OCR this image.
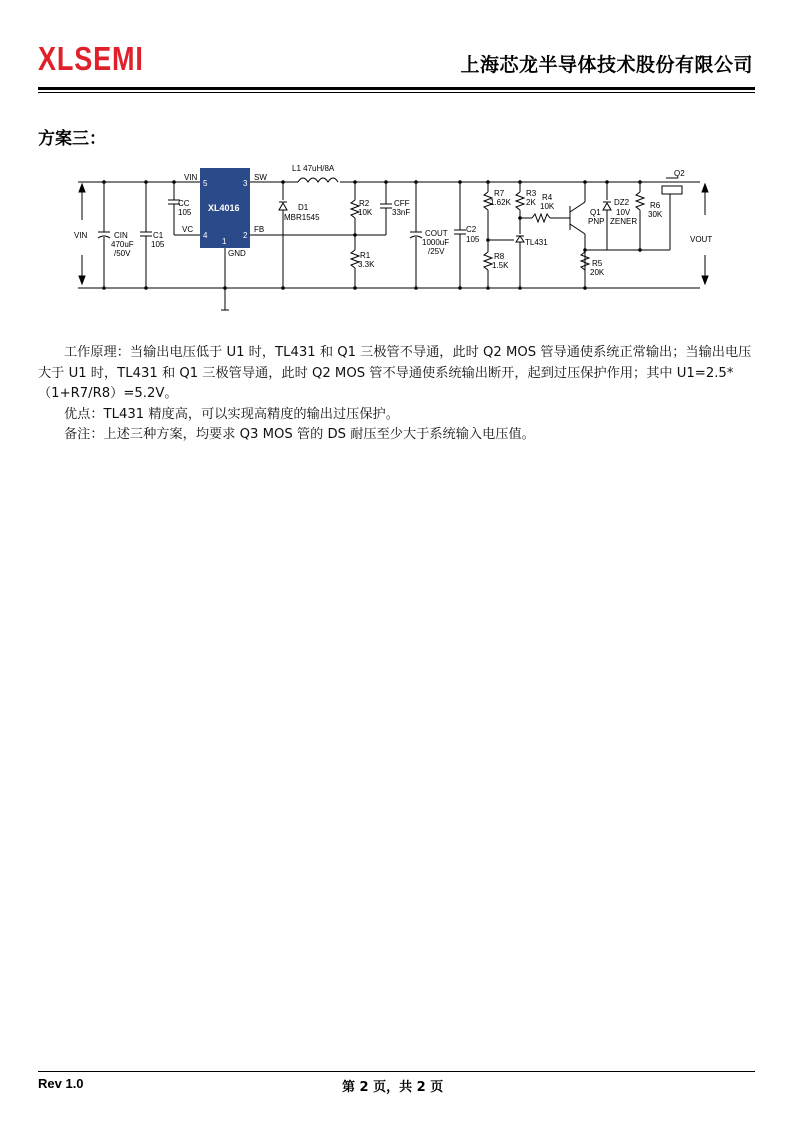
XLSEMI	上海芯龙半导体技术股份有限公司
方案三：
XL4016
5	3
4	2
1
VIN	SW
VC	FB
GND
VIN	VOUT
L1 47uH/8A
CIN
470uF
/50V
C1
105
CC
105
D1
MBR1545
R2
10K
CFF
33nF
R1
3.3K
COUT
1000uF
/25V
C2
105
R7
1.62K
R3
2K
R4
10K
R8
1.5K
TL431
Q1
PNP
DZ2
10V
ZENER
R6
30K
R5
20K
Q2

工作原理：当输出电压低于 U1 时，TL431 和 Q1 三极管不导通，此时 Q2 MOS 管导通使系统正常输出；当输出电压大于 U1 时，TL431 和 Q1 三极管导通，此时 Q2 MOS 管不导通使系统输出断开，起到过压保护作用；其中 U1=2.5*（1+R7/R8）=5.2V。

优点：TL431 精度高，可以实现高精度的输出过压保护。

备注：上述三种方案，均要求 Q3 MOS 管的 DS 耐压至少大于系统输入电压值。

Rev 1.0	第 2 页，共 2 页
